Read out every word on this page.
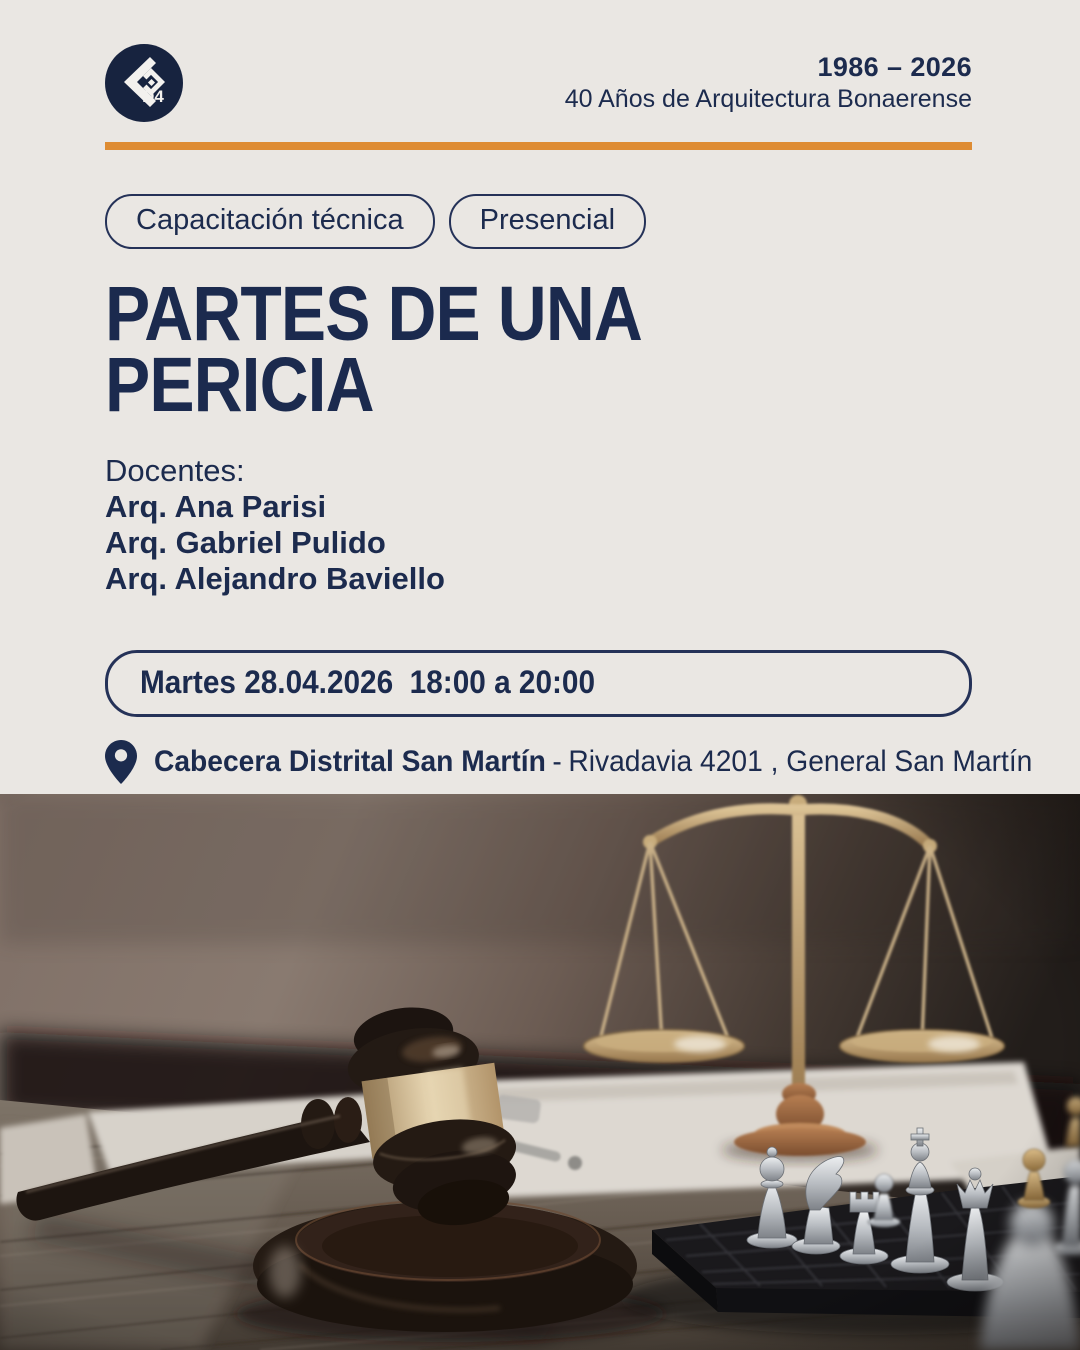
D4
1986 – 2026
40 Años de Arquitectura Bonaerense
Capacitación técnica	Presencial
PARTES DE UNA
PERICIA
Docentes:
Arq. Ana Parisi
Arq. Gabriel Pulido
Arq. Alejandro Baviello
Martes 28.04.2026  18:00 a 20:00
Cabecera Distrital San Martín - Rivadavia 4201 , General San Martín
